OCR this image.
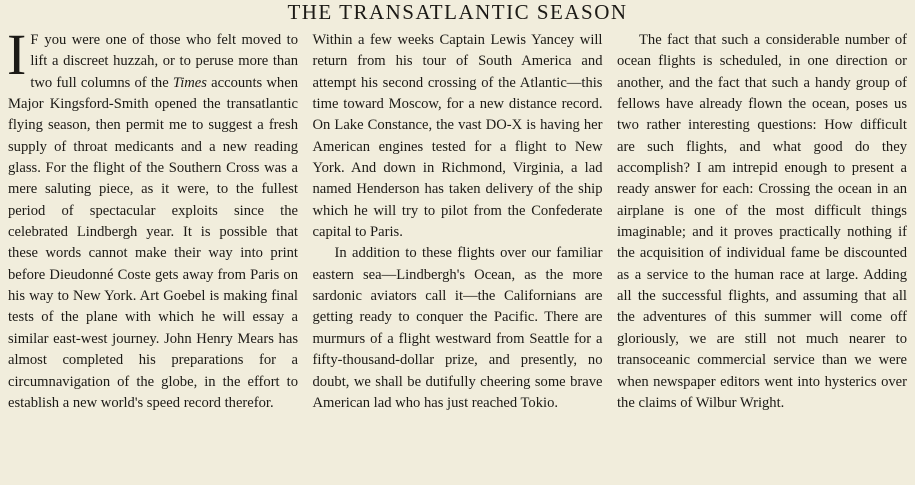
THE TRANSATLANTIC SEASON

I F you were one of those who felt moved to lift a discreet huzzah, or to peruse more than two full columns of the Times accounts when Major Kingsford-Smith opened the transatlantic flying season, then permit me to suggest a fresh supply of throat medicants and a new reading glass. For the flight of the Southern Cross was a mere saluting piece, as it were, to the fullest period of spectacular exploits since the celebrated Lindbergh year. It is possible that these words cannot make their way into print before Dieudonné Coste gets away from Paris on his way to New York. Art Goebel is making final tests of the plane with which he will essay a similar east-west journey. John Henry Mears has almost completed his preparations for a circumnavigation of the globe, in the effort to establish a new world's speed record therefor.

Within a few weeks Captain Lewis Yancey will return from his tour of South America and attempt his second crossing of the Atlantic—this time toward Moscow, for a new distance record. On Lake Constance, the vast DO-X is having her American engines tested for a flight to New York. And down in Richmond, Virginia, a lad named Henderson has taken delivery of the ship which he will try to pilot from the Confederate capital to Paris.

In addition to these flights over our familiar eastern sea—Lindbergh's Ocean, as the more sardonic aviators call it—the Californians are getting ready to conquer the Pacific. There are murmurs of a flight westward from Seattle for a fifty-thousand-dollar prize, and presently, no doubt, we shall be dutifully cheering some brave American lad who has just reached Tokio.

The fact that such a considerable number of ocean flights is scheduled, in one direction or another, and the fact that such a handy group of fellows have already flown the ocean, poses us two rather interesting questions: How difficult are such flights, and what good do they accomplish? I am intrepid enough to present a ready answer for each: Crossing the ocean in an airplane is one of the most difficult things imaginable; and it proves practically nothing if the acquisition of individual fame be discounted as a service to the human race at large. Adding all the successful flights, and assuming that all the adventures of this summer will come off gloriously, we are still not much nearer to transoceanic commercial service than we were when newspaper editors went into hysterics over the claims of Wilbur Wright.
